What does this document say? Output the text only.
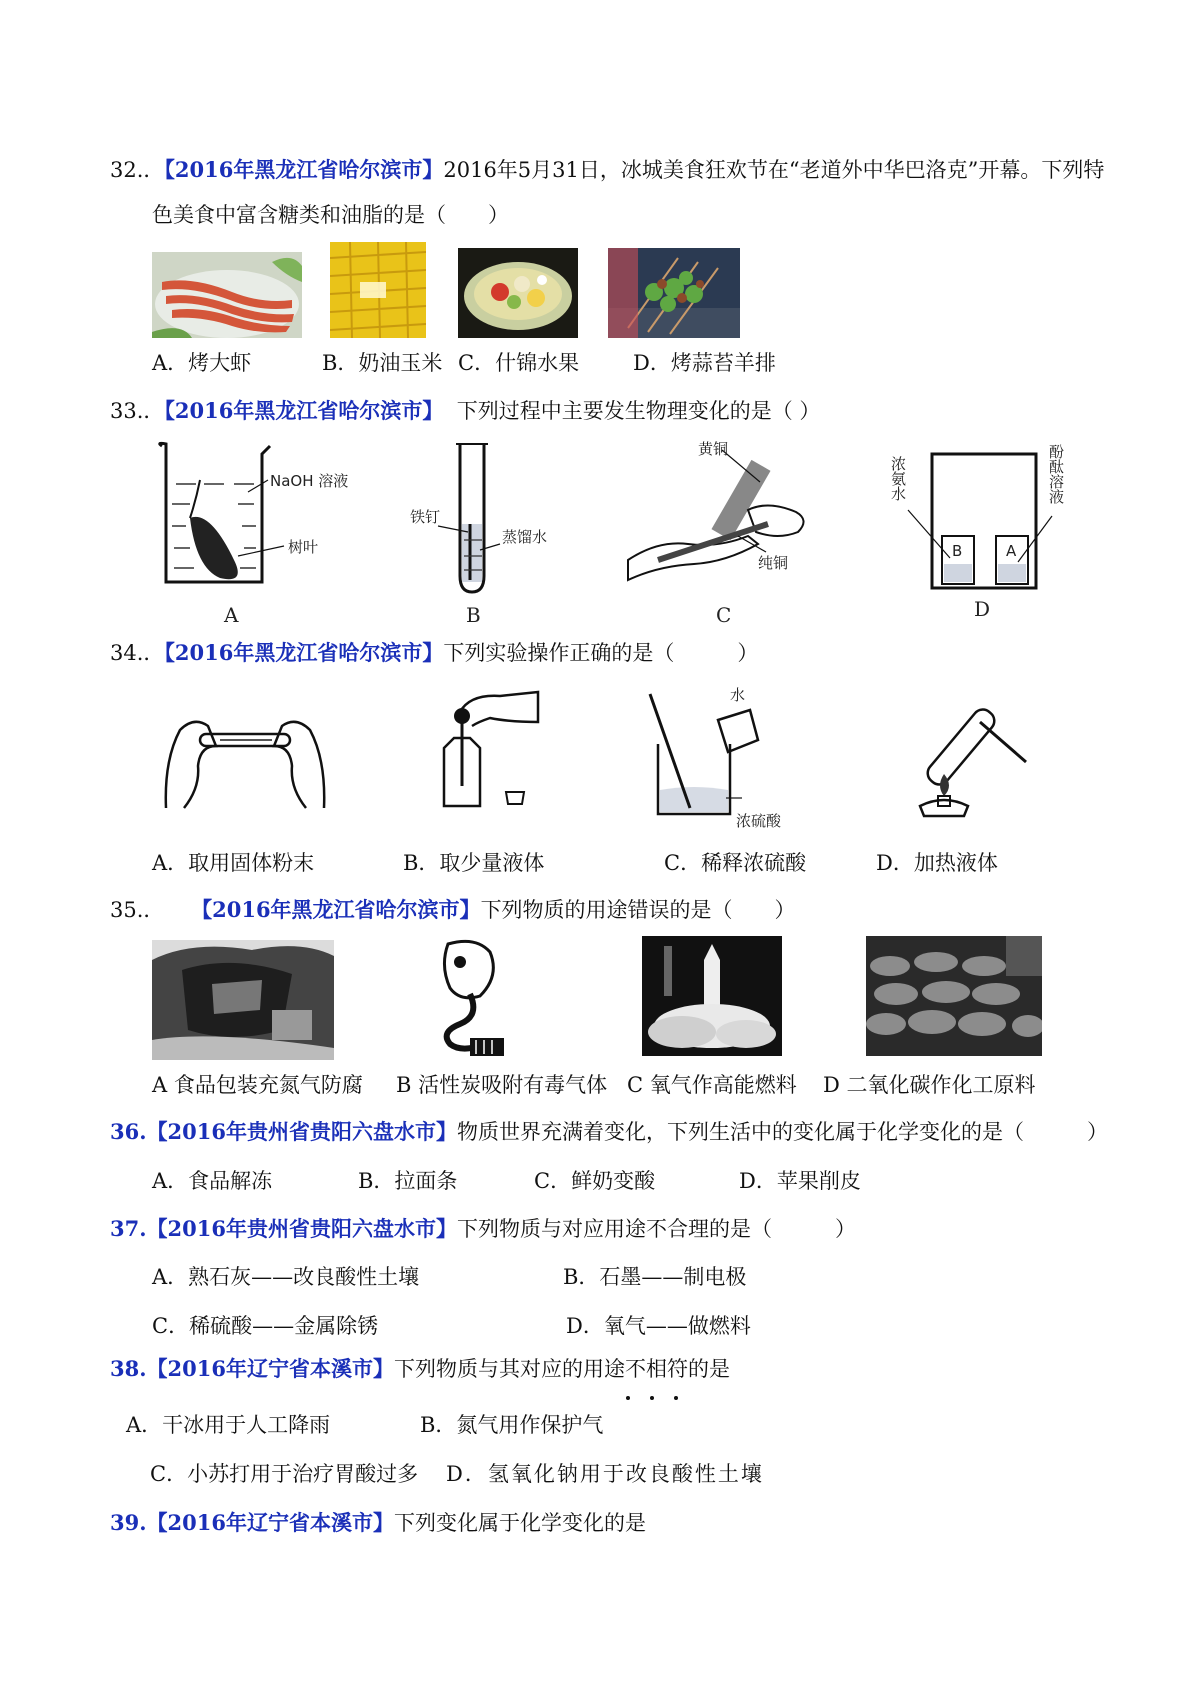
32.．【2016年黑龙江省哈尔滨市】2016年5月31日，冰城美食狂欢节在“老道外中华巴洛克”开幕。下列特
色美食中富含糖类和油脂的是（　　）
A．烤大虾	B．奶油玉米 C．什锦水果	D．烤蒜苔羊排
33.．【2016年黑龙江省哈尔滨市】 下列过程中主要发生物理变化的是（ ）
NaOH 溶液
树叶
A
铁钉
蒸馏水
B
黄铜
纯铜
C
B	A
浓氨水	酚酞溶液
D
34.．【2016年黑龙江省哈尔滨市】下列实验操作正确的是（　　　）
水
浓硫酸
A．取用固体粉末	B．取少量液体	C．稀释浓硫酸	D．加热液体
35.． 【2016年黑龙江省哈尔滨市】下列物质的用途错误的是（　　）
A 食品包装充氮气防腐 B 活性炭吸附有毒气体 C 氧气作高能燃料 D 二氧化碳作化工原料
36.【2016年贵州省贵阳六盘水市】物质世界充满着变化，下列生活中的变化属于化学变化的是（　　　）
A．食品解冻	B．拉面条	C．鲜奶变酸	D．苹果削皮
37.【2016年贵州省贵阳六盘水市】下列物质与对应用途不合理的是（　　　）
A．熟石灰——改良酸性土壤	B．石墨——制电极
C．稀硫酸——金属除锈	D．氧气——做燃料
38.【2016年辽宁省本溪市】下列物质与其对应的用途不相符的是
A．干冰用于人工降雨	B．氮气用作保护气
C．小苏打用于治疗胃酸过多 D．氢氧化钠用于改良酸性土壤
39.【2016年辽宁省本溪市】下列变化属于化学变化的是
